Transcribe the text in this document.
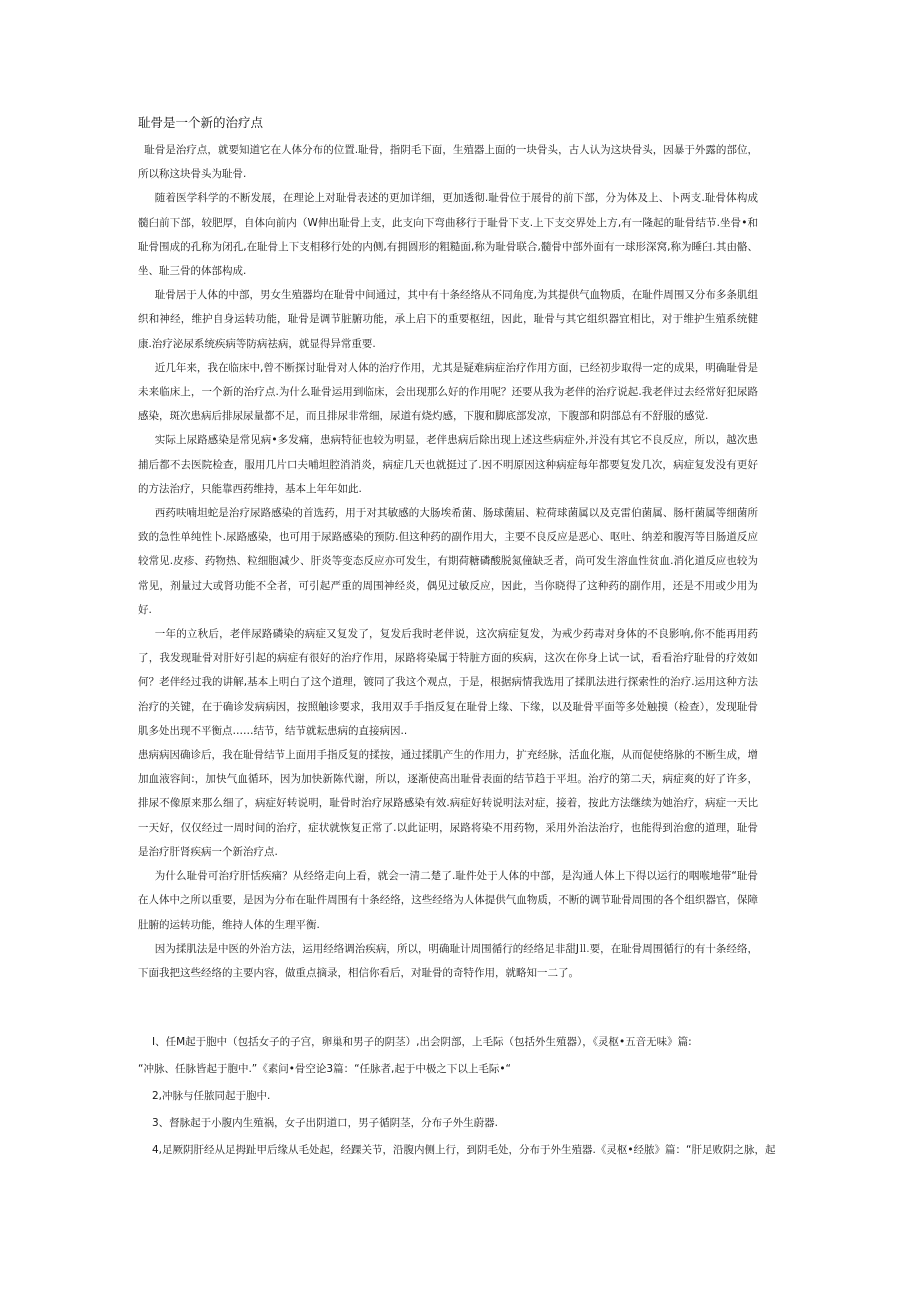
耻骨是一个新的治疗点

耻骨是治疗点，就要知道它在人体分布的位置.耻骨，指阴毛下面，生殖器上面的一块骨头，古人认为这块骨头，因暴于外露的部位，所以称这块骨头为耻骨.

随着医学科学的不断发展，在理论上对耻骨表述的更加详细，更加透彻.耻骨位于展骨的前下部，分为体及上、卜两支.耻骨体构成髓臼前下部，较肥厚，自体向前内（W伸出耻骨上支，此支向下弯曲移行于耻骨下支.上下支交界处上方,有一隆起的耻骨结节.坐骨•和耻骨围成的孔称为闭孔,在耻骨上下支相移行处的内侧,有拥圆形的粗糙面,称为耻骨联合,髓骨中部外面有一球形深窝,称为睡臼.其由骼、坐、耻三骨的体部构成.

耻骨居于人体的中部，男女生殖器均在耻骨中间通过，其中有十条经络从不同角度,为其提供气血物质，在耻件周围又分布多条肌组织和神经，维护自身运转功能，耻骨是调节脏腑功能，承上启下的重要枢纽，因此，耻骨与其它组织器宜相比，对于维护生殖系统健康.治疗泌尿系统疾病等防病祛病，就显得异常重要.

近几年来，我在临床中,曾不断探讨耻骨对人体的治疗作用，尤其是疑难病症治疗作用方面，已经初步取得一定的成果，明确耻骨是未来临床上，一个新的治疗点.为什么耻骨运用到临床，会出现那么好的作用呢？还要从我为老伴的治疗说起.我老伴过去经常好犯尿路感染，斑次患病后排尿尿量都不足，而且排尿非常细，尿道有烧灼感，下腹和脚底部发凉，下腹部和阴部总有不舒服的感觉.

实际上尿路感染是常见病•多发痛，患病特征也较为明显，老伴患病后除出现上述这些病症外,并没有其它不良反应，所以，越次患捕后都不去医院检查，服用几片口夫哺坦腔消消炎，病症几天也就挺过了.因不明原因这种病症每年都要复发几次，病症复发没有更好的方法治疗，只能靠西药维持，基本上年年如此.

西药呋喃坦蛇是治疗尿路感染的首选药，用于对其敏感的大肠埃希菌、肠球菌届、粒荷球菌属以及克雷伯菌属、肠杆菌属等细菌所致的急性单纯性卜.尿路感染，也可用于尿路感染的预防.但这种药的副作用大，主要不良反应是恶心、呕吐、纳差和腹泻等目肠道反应较常见.皮疹、药物热、粒细胞减少、肝炎等变态反应亦可发生，有期荷糖磷酸脱氮僮缺乏者，尚可发生溶血性贫血.消化道反应也较为常见，剂量过大或肾功能不全者，可引起严重的周围神经炎，偶见过敏反应，因此，当你晓得了这种药的副作用，还是不用或少用为好.

一年的立秋后，老伴尿路磷染的病症又复发了，复发后我时老伴说，这次病症复发，为戒少药毒对身体的不良影响,你不能再用药了，我发现耻骨对肝好引起的病症有很好的治疗作用，尿路将染属于特脏方面的疾病，这次在你身上试一试，看看治疗耻骨的疗效如何？老伴经过我的讲解,基本上明白了这个道理，镀同了我这个观点，于是，根据病情我选用了揉肌法进行探索性的治疗.运用这种方法治疗的关键，在于确诊发病病因，按照触诊要求，我用双手手指反复在耻骨上缘、下缘，以及耻骨平面等多处触摸（检查），发现耻骨肌多处出现不平衡点……结节，结节就耘患病的直接病因..

患病病因确诊后，我在耻骨结节上面用手指反复的揉按，通过揉肌产生的作用力，扩充经脉，活血化瓶，从而促使络脉的不断生成，增加血液容间:，加快气血循环，因为加快新陈代谢，所以，逐渐使高出耻骨表面的结节趋于平坦。治疗的第二天，病症爽的好了许多，排尿不像原来那么细了，病症好转说明，耻骨时治疗尿路感染有效.病症好转说明法对症，接着，按此方法继续为她治疗，病症一天比一天好，仅仅经过一周时间的治疗，症状就恢复正常了.以此证明，尿路将染不用药物，采用外治法治疗，也能得到治愈的道理，耻骨是治疗肝肾疾病一个新治疗点.

为什么耻骨可治疗肝恬疾痛？从经络走向上看，就会一清二楚了.耻件处于人体的中部，是沟通人体上下得以运行的咽喉地带“耻骨在人体中之所以重要，是因为分布在耻件周围有十条经络，这些经络为人体提供气血物质，不断的调节耻骨周围的各个组织器官，保障肚腑的运转功能，维持人体的生理平衡.

因为揉肌法是中医的外治方法，运用经络调治疾病，所以，明确耻计周围循行的经络足非甜J⒒要，在耻骨周围循行的有十条经络，下面我把这些经络的主要内容，做重点摘录，相信你看后，对耻骨的奇特作用，就略知一二了。

I、任M起于胞中（包括女子的子宫，卵巢和男子的阴茎）,出会阴部，上毛际（包括外生殖器），《灵枢•五音无味》篇:

“冲脉、任脉皆起于胞中.”《素问•骨空论3篇：“任脉者,起于中极之下以上毛际•“

2,冲脉与任脓同起于胞中.

3、督脉起于小腹内生殖祸，女子出阴道口，男子循阴茎，分布子外生蔚器.

4,足厥阴肝经从足拇趾甲后缘从毛处起，经踝关节，沿腹内侧上行，到阴毛处，分布于外生殖器.《灵枢•经脓》篇：“肝足败阴之脉，起
